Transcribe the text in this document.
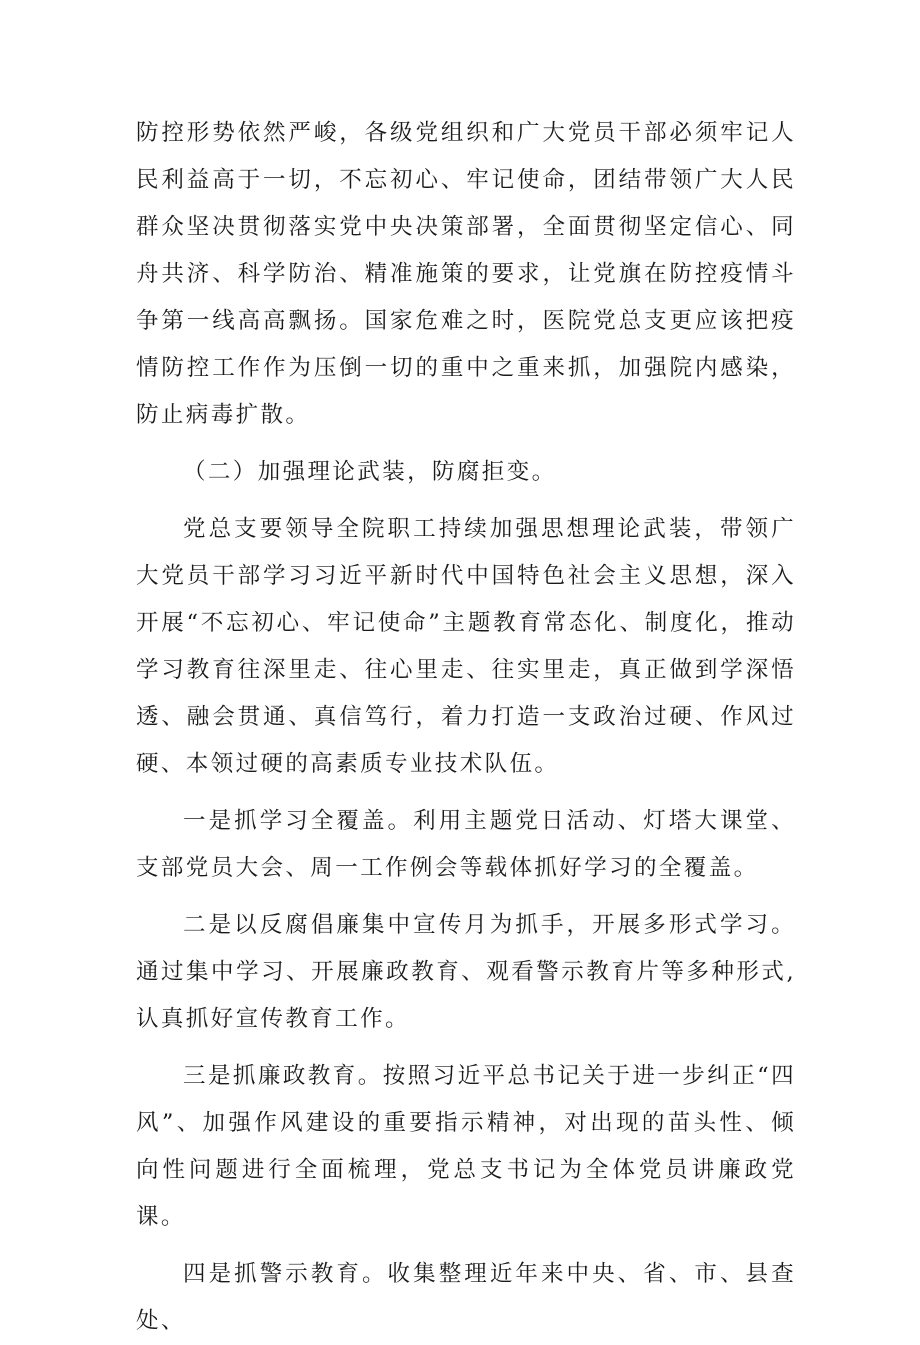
防控形势依然严峻，各级党组织和广大党员干部必须牢记人民利益高于一切，不忘初心、牢记使命，团结带领广大人民群众坚决贯彻落实党中央决策部署，全面贯彻坚定信心、同舟共济、科学防治、精准施策的要求，让党旗在防控疫情斗争第一线高高飘扬。国家危难之时，医院党总支更应该把疫情防控工作作为压倒一切的重中之重来抓，加强院内感染，防止病毒扩散。

（二）加强理论武装，防腐拒变。

党总支要领导全院职工持续加强思想理论武装，带领广大党员干部学习习近平新时代中国特色社会主义思想，深入开展“不忘初心、牢记使命”主题教育常态化、制度化，推动学习教育往深里走、往心里走、往实里走，真正做到学深悟透、融会贯通、真信笃行，着力打造一支政治过硬、作风过硬、本领过硬的高素质专业技术队伍。

一是抓学习全覆盖。利用主题党日活动、灯塔大课堂、支部党员大会、周一工作例会等载体抓好学习的全覆盖。

二是以反腐倡廉集中宣传月为抓手，开展多形式学习。通过集中学习、开展廉政教育、观看警示教育片等多种形式,认真抓好宣传教育工作。

三是抓廉政教育。按照习近平总书记关于进一步纠正“四风”、加强作风建设的重要指示精神，对出现的苗头性、倾向性问题进行全面梳理，党总支书记为全体党员讲廉政党课。

四是抓警示教育。收集整理近年来中央、省、市、县查处、
